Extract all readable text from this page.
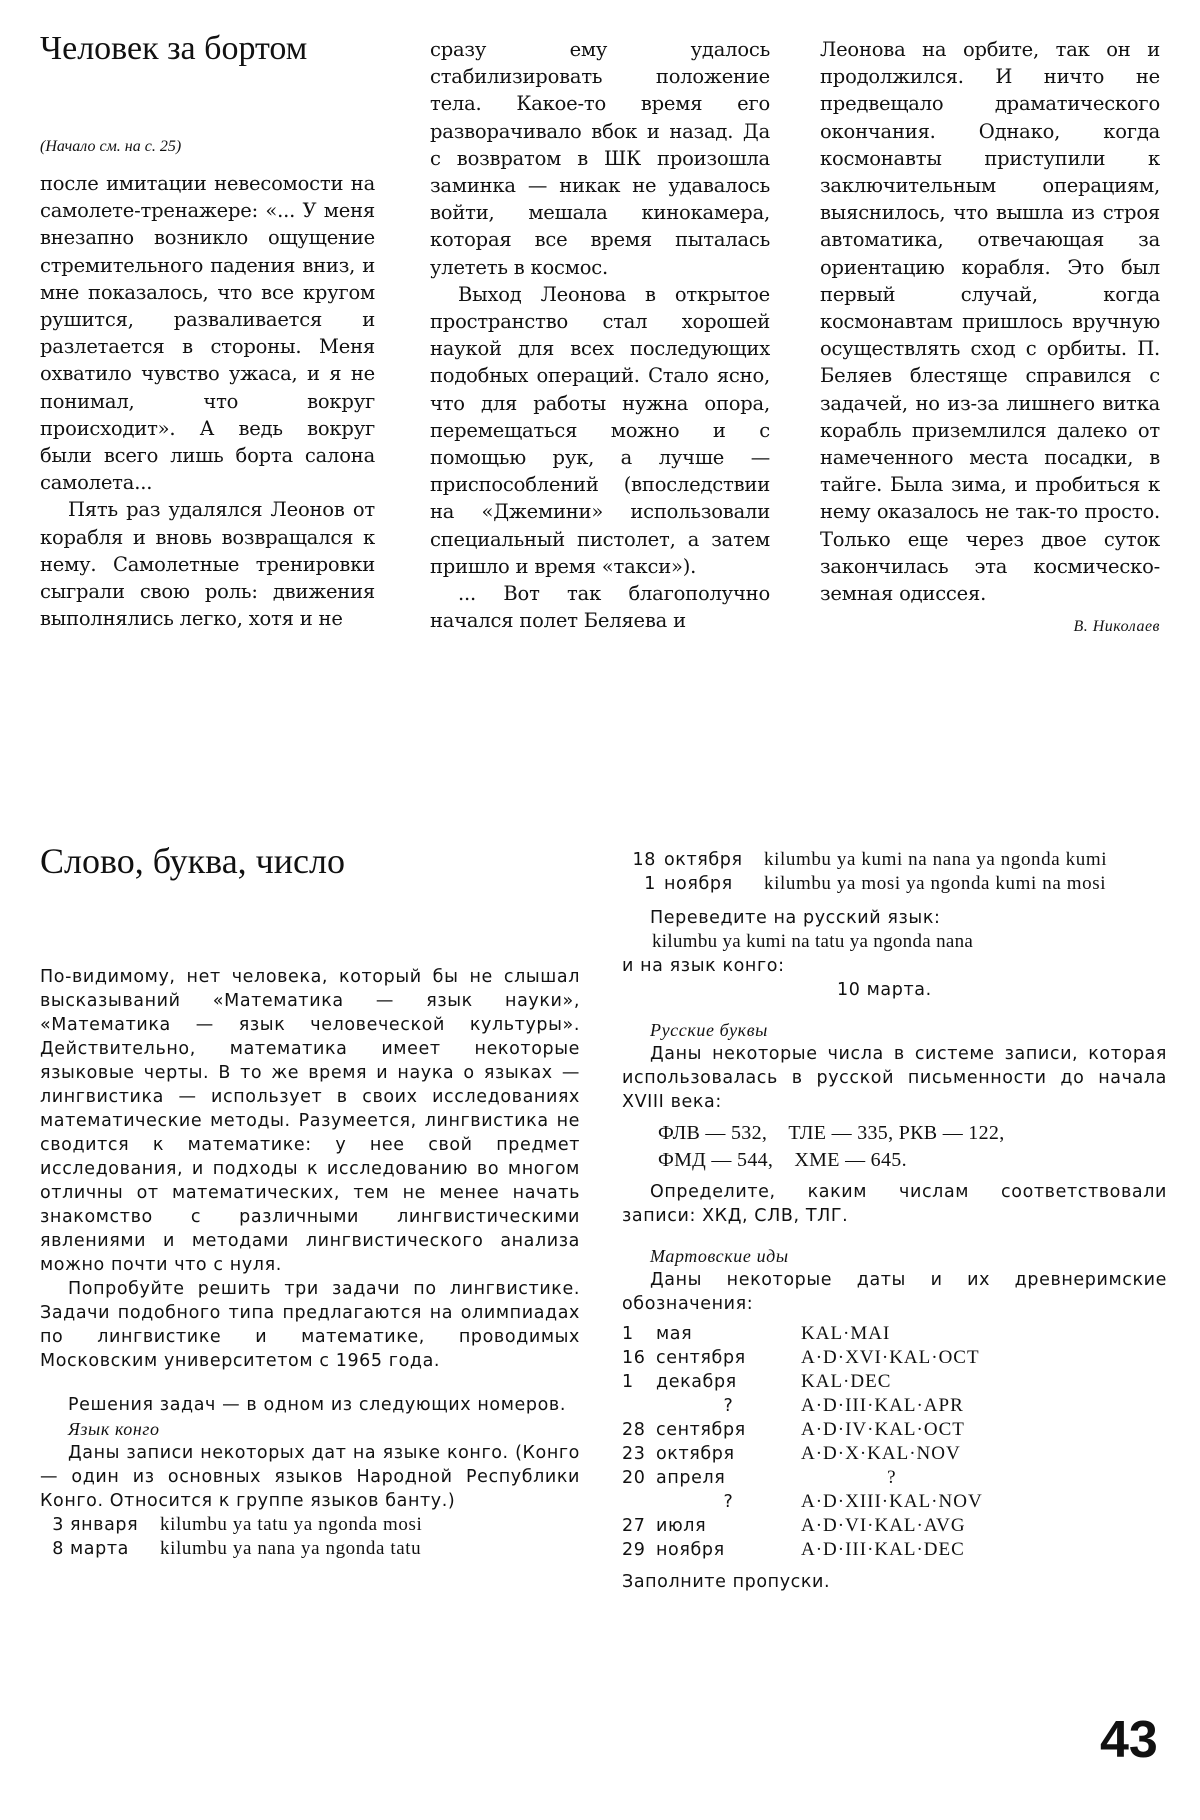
Человек за бортом
(Начало см. на с. 25)

после имитации невесомости на самолете-тренажере: «... У меня внезапно возникло ощущение стремительного падения вниз, и мне показалось, что все кругом рушится, разваливается и разлетается в стороны. Меня охватило чувство ужаса, и я не понимал, что вокруг происходит». А ведь вокруг были всего лишь борта салона самолета...

Пять раз удалялся Леонов от корабля и вновь возвращался к нему. Самолетные тренировки сыграли свою роль: движения выполнялись легко, хотя и не

сразу ему удалось стабилизировать положение тела. Какое-то время его разворачивало вбок и назад. Да с возвратом в ШК произошла заминка — никак не удавалось войти, мешала кинокамера, которая все время пыталась улететь в космос.

Выход Леонова в открытое пространство стал хорошей наукой для всех последующих подобных операций. Стало ясно, что для работы нужна опора, перемещаться можно и с помощью рук, а лучше — приспособлений (впоследствии на «Джемини» использовали специальный пистолет, а затем пришло и время «такси»).

... Вот так благополучно начался полет Беляева и

Леонова на орбите, так он и продолжился. И ничто не предвещало драматического окончания. Однако, когда космонавты приступили к заключительным операциям, выяснилось, что вышла из строя автоматика, отвечающая за ориентацию корабля. Это был первый случай, когда космонавтам пришлось вручную осуществлять сход с орбиты. П. Беляев блестяще справился с задачей, но из-за лишнего витка корабль приземлился далеко от намеченного места посадки, в тайге. Была зима, и пробиться к нему оказалось не так-то просто. Только еще через двое суток закончилась эта космическо-земная одиссея.

В. Николаев
Слово, буква, число

По-видимому, нет человека, который бы не слышал высказываний «Математика — язык науки», «Математика — язык человеческой культуры». Действительно, математика имеет некоторые языковые черты. В то же время и наука о языках — лингвистика — использует в своих исследованиях математические методы. Разумеется, лингвистика не сводится к математике: у нее свой предмет исследования, и подходы к исследованию во многом отличны от математических, тем не менее начать знакомство с различными лингвистическими явлениями и методами лингвистического анализа можно почти что с нуля.

Попробуйте решить три задачи по лингвистике. Задачи подобного типа предлагаются на олимпиадах по лингвистике и математике, проводимых Московским университетом с 1965 года.

Решения задач — в одном из следующих номеров.

Язык конго

Даны записи некоторых дат на языке конго. (Конго — один из основных языков Народной Республики Конго. Относится к группе языков банту.)

3	января	kilumbu ya tatu ya ngonda mosi
8	марта	kilumbu ya nana ya ngonda tatu
18	октября	kilumbu ya kumi na nana ya ngonda kumi
1	ноября	kilumbu ya mosi ya ngonda kumi na mosi

Переведите на русский язык:

kilumbu ya kumi na tatu ya ngonda nana

и на язык конго:

10 марта.
Русские буквы

Даны некоторые числа в системе записи, которая использовалась в русской письменности до начала XVIII века:

ФЛВ — 532,    ТЛЕ — 335, РКВ — 122,
ФМД — 544,    ХМЕ — 645.

Определите, каким числам соответствовали записи: ХКД, СЛВ, ТЛГ.

Мартовские иды

Даны некоторые даты и их древнеримские обозначения:

1	мая	KAL·MAI
16	сентября	A·D·XVI·KAL·OCT
1	декабря	KAL·DEC
	?	A·D·III·KAL·APR
28	сентября	A·D·IV·KAL·OCT
23	октября	A·D·X·KAL·NOV
20	апреля	?
	?	A·D·XIII·KAL·NOV
27	июля	A·D·VI·KAL·AVG
29	ноября	A·D·III·KAL·DEC

Заполните пропуски.

43
